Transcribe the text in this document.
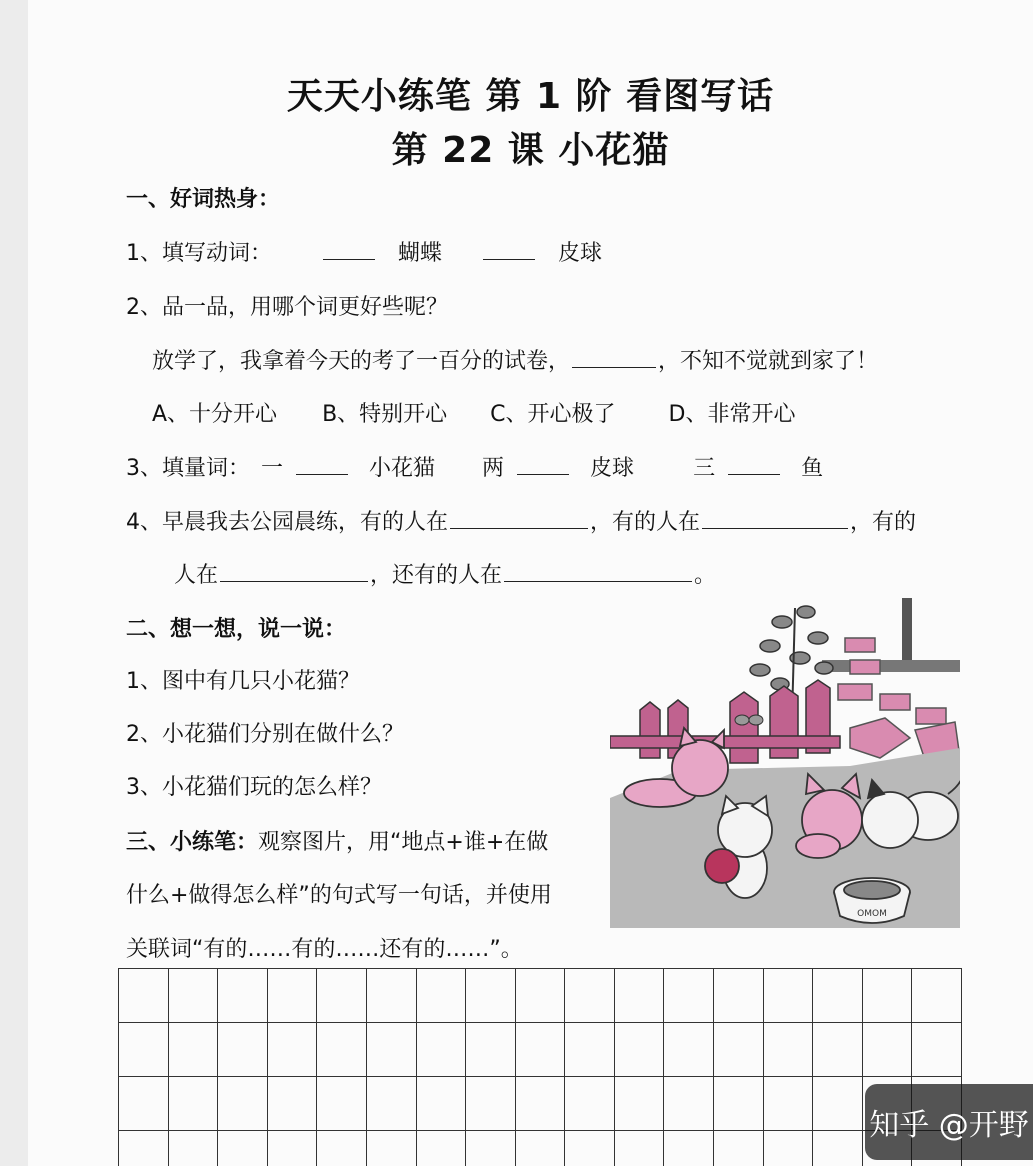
天天小练笔 第 1 阶 看图写话
第 22 课 小花猫
一、好词热身：
1、填写动词：	蝴蝶	皮球
2、品一品，用哪个词更好些呢？
放学了，我拿着今天的考了一百分的试卷，	，不知不觉就到家了！
A、十分开心 B、特别开心 C、开心极了 D、非常开心
3、填量词： 一	小花猫 两	皮球	三	鱼
4、早晨我去公园晨练，有的人在	，有的人在	，有的
人在	，还有的人在	。
二、想一想，说一说：
1、图中有几只小花猫？
2、小花猫们分别在做什么？
3、小花猫们玩的怎么样？
三、小练笔：观察图片，用“地点+谁+在做
什么+做得怎么样”的句式写一句话，并使用
关联词“有的……有的……还有的……”。
OMOM
知乎 @开野
